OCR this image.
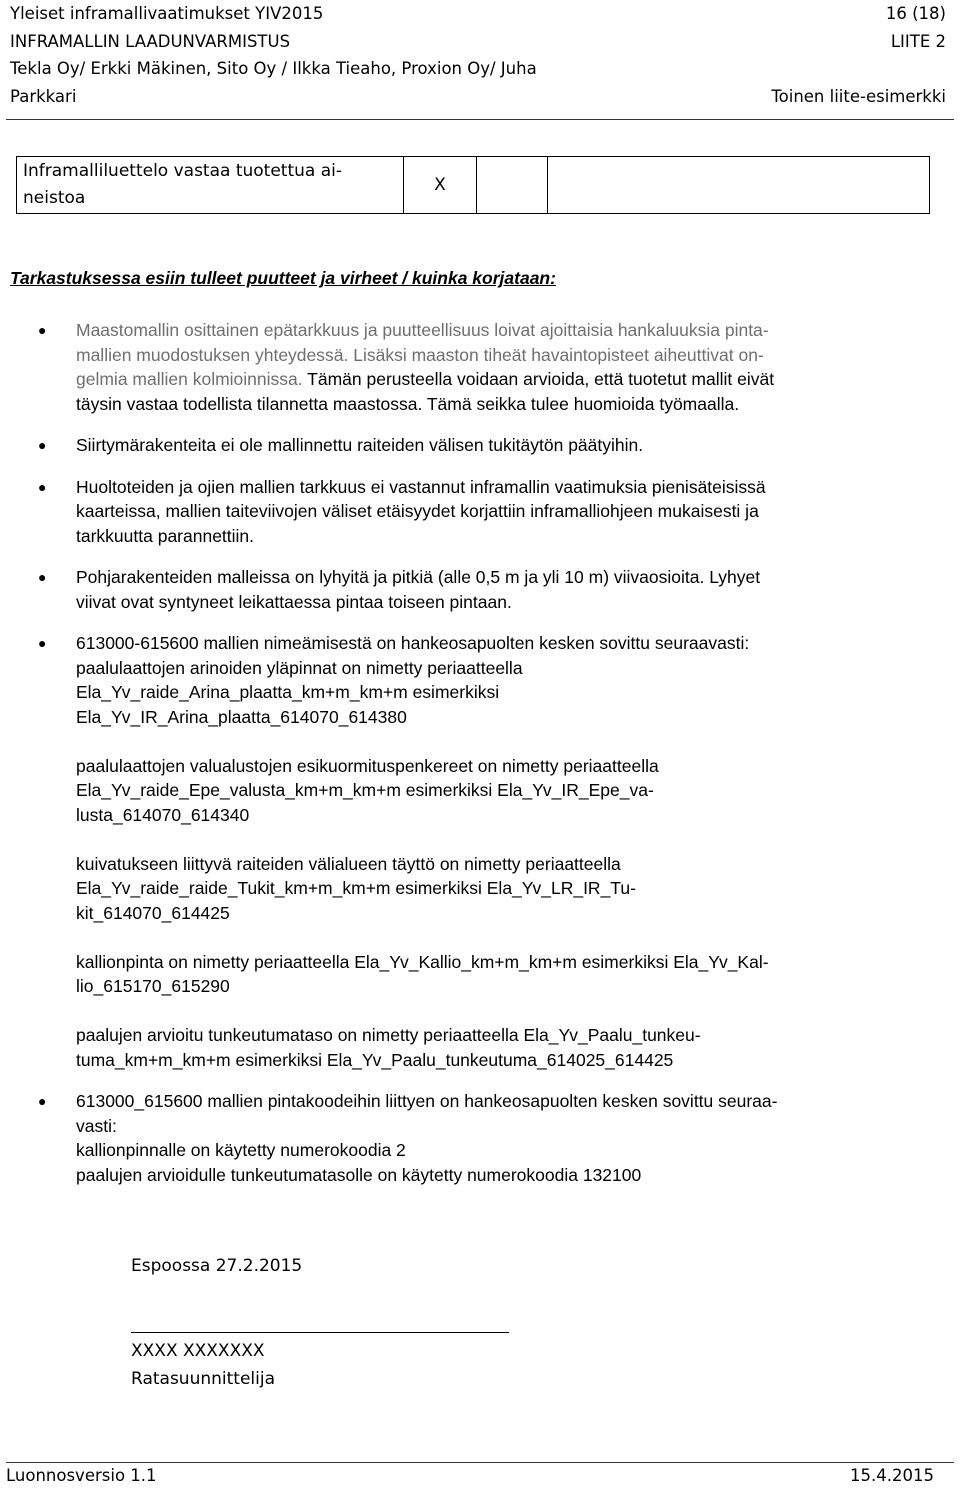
Yleiset inframallivaatimukset YIV2015	16 (18)
INFRAMALLIN LAADUNVARMISTUS	LIITE 2
Tekla Oy/ Erkki Mäkinen, Sito Oy / Ilkka Tieaho, Proxion Oy/ Juha
Parkkari	Toinen liite-esimerkki
Inframalliluettelo vastaa tuotettua ai-
neistoa
	X		
Tarkastuksessa esiin tulleet puutteet ja virheet / kuinka korjataan:
● Maastomallin osittainen epätarkkuus ja puutteellisuus loivat ajoittaisia hankaluuksia pinta-

mallien muodostuksen yhteydessä. Lisäksi maaston tiheät havaintopisteet aiheuttivat on-

gelmia mallien kolmioinnissa. Tämän perusteella voidaan arvioida, että tuotetut mallit eivät

täysin vastaa todellista tilannetta maastossa. Tämä seikka tulee huomioida työmaalla.

● Siirtymärakenteita ei ole mallinnettu raiteiden välisen tukitäytön päätyihin.

● Huoltoteiden ja ojien mallien tarkkuus ei vastannut inframallin vaatimuksia pienisäteisissä

kaarteissa, mallien taiteviivojen väliset etäisyydet korjattiin inframalliohjeen mukaisesti ja

tarkkuutta parannettiin.

● Pohjarakenteiden malleissa on lyhyitä ja pitkiä (alle 0,5 m ja yli 10 m) viivaosioita. Lyhyet

viivat ovat syntyneet leikattaessa pintaa toiseen pintaan.

● 613000-615600 mallien nimeämisestä on hankeosapuolten kesken sovittu seuraavasti:

paalulaattojen arinoiden yläpinnat on nimetty periaatteella

Ela_Yv_raide_Arina_plaatta_km+m_km+m esimerkiksi

Ela_Yv_IR_Arina_plaatta_614070_614380

paalulaattojen valualustojen esikuormituspenkereet on nimetty periaatteella

Ela_Yv_raide_Epe_valusta_km+m_km+m esimerkiksi Ela_Yv_IR_Epe_va-

lusta_614070_614340

kuivatukseen liittyvä raiteiden välialueen täyttö on nimetty periaatteella

Ela_Yv_raide_raide_Tukit_km+m_km+m esimerkiksi Ela_Yv_LR_IR_Tu-

kit_614070_614425

kallionpinta on nimetty periaatteella Ela_Yv_Kallio_km+m_km+m esimerkiksi Ela_Yv_Kal-

lio_615170_615290

paalujen arvioitu tunkeutumataso on nimetty periaatteella Ela_Yv_Paalu_tunkeu-

tuma_km+m_km+m esimerkiksi Ela_Yv_Paalu_tunkeutuma_614025_614425

● 613000_615600 mallien pintakoodeihin liittyen on hankeosapuolten kesken sovittu seuraa-

vasti:

kallionpinnalle on käytetty numerokoodia 2

paalujen arvioidulle tunkeutumatasolle on käytetty numerokoodia 132100

Espoossa 27.2.2015
XXXX XXXXXXX
Ratasuunnittelija
Luonnosversio 1.1	15.4.2015
